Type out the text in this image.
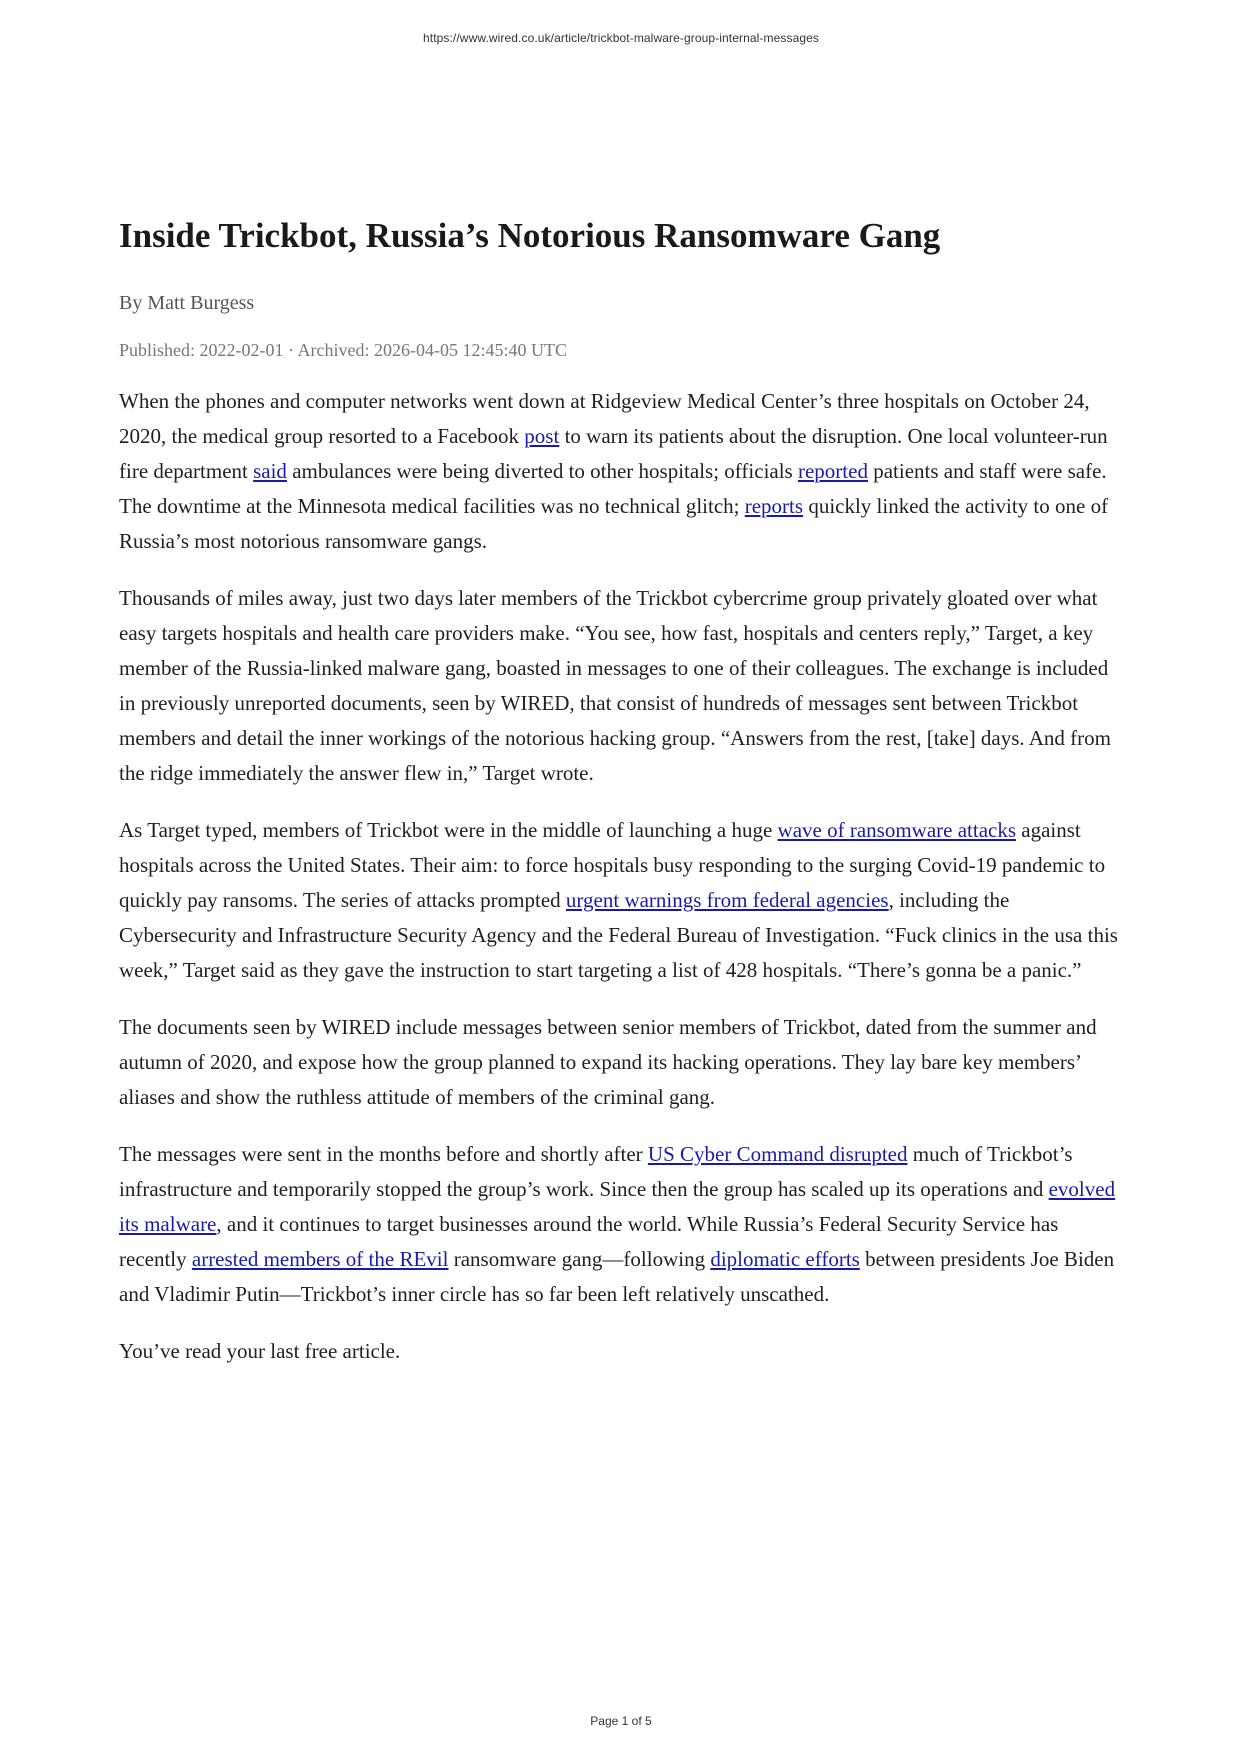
https://www.wired.co.uk/article/trickbot-malware-group-internal-messages
Inside Trickbot, Russia’s Notorious Ransomware Gang
By Matt Burgess
Published: 2022-02-01 · Archived: 2026-04-05 12:45:40 UTC

When the phones and computer networks went down at Ridgeview Medical Center’s three hospitals on October 24, 2020, the medical group resorted to a Facebook post to warn its patients about the disruption. One local volunteer-run fire department said ambulances were being diverted to other hospitals; officials reported patients and staff were safe. The downtime at the Minnesota medical facilities was no technical glitch; reports quickly linked the activity to one of Russia’s most notorious ransomware gangs.

Thousands of miles away, just two days later members of the Trickbot cybercrime group privately gloated over what easy targets hospitals and health care providers make. “You see, how fast, hospitals and centers reply,” Target, a key member of the Russia-linked malware gang, boasted in messages to one of their colleagues. The exchange is included in previously unreported documents, seen by WIRED, that consist of hundreds of messages sent between Trickbot members and detail the inner workings of the notorious hacking group. “Answers from the rest, [take] days. And from the ridge immediately the answer flew in,” Target wrote.

As Target typed, members of Trickbot were in the middle of launching a huge wave of ransomware attacks against hospitals across the United States. Their aim: to force hospitals busy responding to the surging Covid-19 pandemic to quickly pay ransoms. The series of attacks prompted urgent warnings from federal agencies, including the Cybersecurity and Infrastructure Security Agency and the Federal Bureau of Investigation. “Fuck clinics in the usa this week,” Target said as they gave the instruction to start targeting a list of 428 hospitals. “There’s gonna be a panic.”

The documents seen by WIRED include messages between senior members of Trickbot, dated from the summer and autumn of 2020, and expose how the group planned to expand its hacking operations. They lay bare key members’ aliases and show the ruthless attitude of members of the criminal gang.

The messages were sent in the months before and shortly after US Cyber Command disrupted much of Trickbot’s infrastructure and temporarily stopped the group’s work. Since then the group has scaled up its operations and evolved its malware, and it continues to target businesses around the world. While Russia’s Federal Security Service has recently arrested members of the REvil ransomware gang—following diplomatic efforts between presidents Joe Biden and Vladimir Putin—Trickbot’s inner circle has so far been left relatively unscathed.

You’ve read your last free article.

Page 1 of 5
